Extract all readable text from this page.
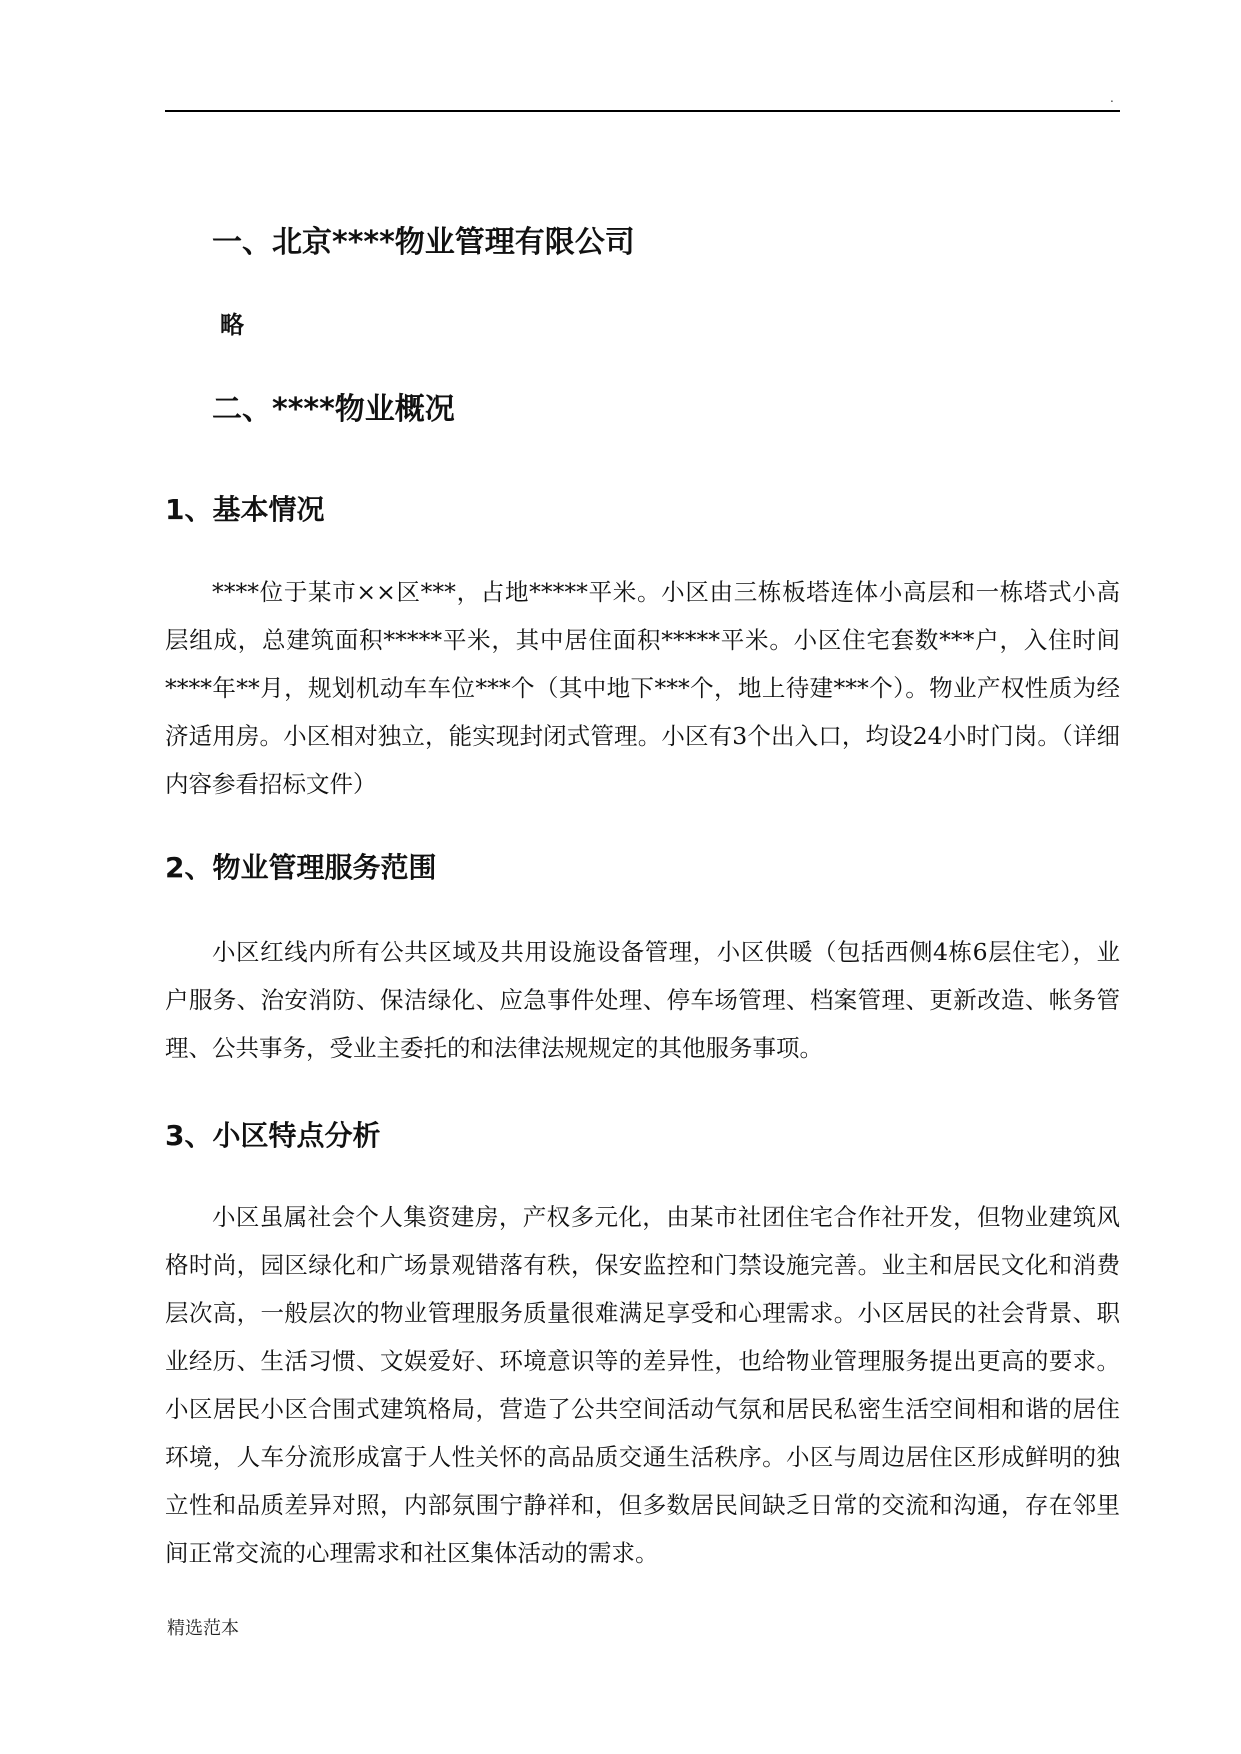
.
一、北京****物业管理有限公司
略
二、****物业概况
1、基本情况
****位于某市××区***，占地*****平米。小区由三栋板塔连体小高层和一栋塔式小高层组成，总建筑面积*****平米，其中居住面积*****平米。小区住宅套数***户，入住时间****年**月，规划机动车车位***个（其中地下***个，地上待建***个）。物业产权性质为经济适用房。小区相对独立，能实现封闭式管理。小区有3个出入口，均设24小时门岗。（详细内容参看招标文件）
2、物业管理服务范围
小区红线内所有公共区域及共用设施设备管理，小区供暖（包括西侧4栋6层住宅），业户服务、治安消防、保洁绿化、应急事件处理、停车场管理、档案管理、更新改造、帐务管理、公共事务，受业主委托的和法律法规规定的其他服务事项。
3、小区特点分析
小区虽属社会个人集资建房，产权多元化，由某市社团住宅合作社开发，但物业建筑风格时尚，园区绿化和广场景观错落有秩，保安监控和门禁设施完善。业主和居民文化和消费层次高，一般层次的物业管理服务质量很难满足享受和心理需求。小区居民的社会背景、职业经历、生活习惯、文娱爱好、环境意识等的差异性，也给物业管理服务提出更高的要求。小区居民小区合围式建筑格局，营造了公共空间活动气氛和居民私密生活空间相和谐的居住环境，人车分流形成富于人性关怀的高品质交通生活秩序。小区与周边居住区形成鲜明的独立性和品质差异对照，内部氛围宁静祥和，但多数居民间缺乏日常的交流和沟通，存在邻里间正常交流的心理需求和社区集体活动的需求。
精选范本
